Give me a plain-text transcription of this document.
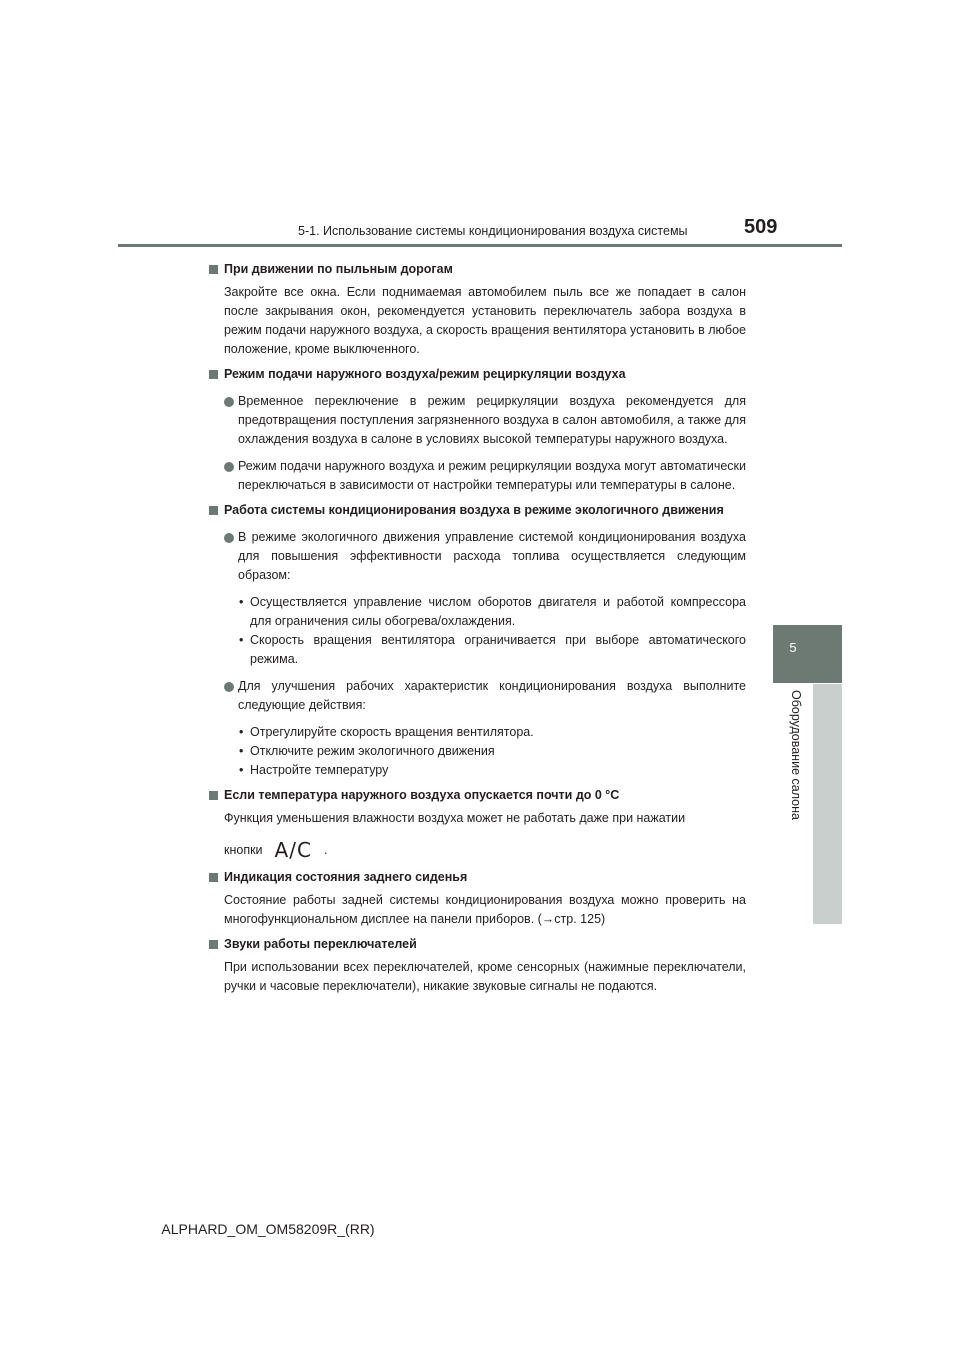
5-1. Использование системы кондиционирования воздуха системы	509
5
Оборудование салона
При движении по пыльным дорогам
Закройте все окна. Если поднимаемая автомобилем пыль все же попадает в салон после закрывания окон, рекомендуется установить переключатель забора воздуха в режим подачи наружного воздуха, а скорость вращения вентилятора установить в любое положение, кроме выключенного.
Режим подачи наружного воздуха/режим рециркуляции воздуха
Временное переключение в режим рециркуляции воздуха рекомендуется для предотвращения поступления загрязненного воздуха в салон автомобиля, а также для охлаждения воздуха в салоне в условиях высокой температуры наружного воздуха.
Режим подачи наружного воздуха и режим рециркуляции воздуха могут автоматически переключаться в зависимости от настройки температуры или температуры в салоне.
Работа системы кондиционирования воздуха в режиме экологичного движения
В режиме экологичного движения управление системой кондиционирования воздуха для повышения эффективности расхода топлива осуществляется следующим образом:
• Осуществляется управление числом оборотов двигателя и работой компрессора для ограничения силы обогрева/охлаждения.
• Скорость вращения вентилятора ограничивается при выборе автоматического режима.
Для улучшения рабочих характеристик кондиционирования воздуха выполните следующие действия:
• Отрегулируйте скорость вращения вентилятора.
• Отключите режим экологичного движения
• Настройте температуру
Если температура наружного воздуха опускается почти до 0 °C
Функция уменьшения влажности воздуха может не работать даже при нажатии
кнопки A/C .
Индикация состояния заднего сиденья
Состояние работы задней системы кондиционирования воздуха можно проверить на многофункциональном дисплее на панели приборов. (→стр. 125)
Звуки работы переключателей
При использовании всех переключателей, кроме сенсорных (нажимные переключатели, ручки и часовые переключатели), никакие звуковые сигналы не подаются.
ALPHARD_OM_OM58209R_(RR)
